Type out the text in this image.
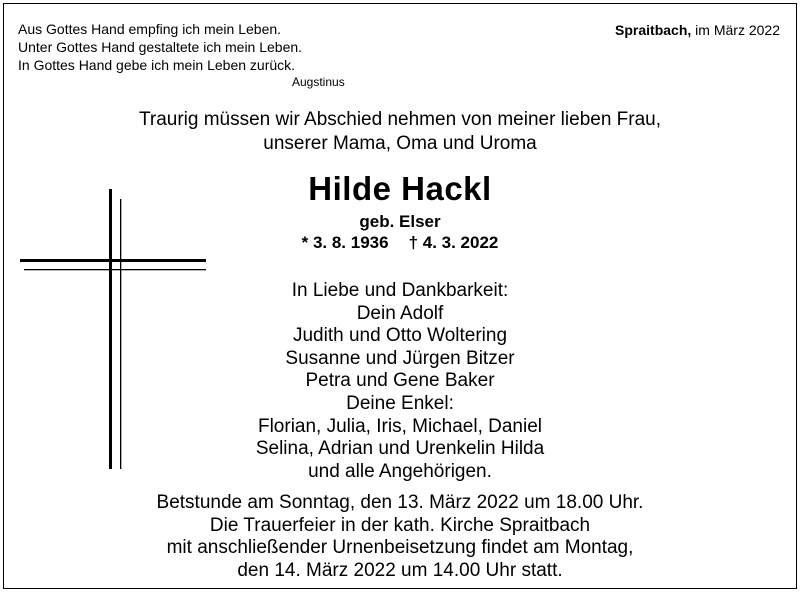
Aus Gottes Hand empfing ich mein Leben.
Unter Gottes Hand gestaltete ich mein Leben.
In Gottes Hand gebe ich mein Leben zurück.
Augstinus
Spraitbach, im März 2022
Traurig müssen wir Abschied nehmen von meiner lieben Frau,
unserer Mama, Oma und Uroma
Hilde Hackl
geb. Elser
* 3. 8. 1936 † 4. 3. 2022
In Liebe und Dankbarkeit:
Dein Adolf
Judith und Otto Woltering
Susanne und Jürgen Bitzer
Petra und Gene Baker
Deine Enkel:
Florian, Julia, Iris, Michael, Daniel
Selina, Adrian und Urenkelin Hilda
und alle Angehörigen.
Betstunde am Sonntag, den 13. März 2022 um 18.00 Uhr.
Die Trauerfeier in der kath. Kirche Spraitbach
mit anschließender Urnenbeisetzung findet am Montag,
den 14. März 2022 um 14.00 Uhr statt.
